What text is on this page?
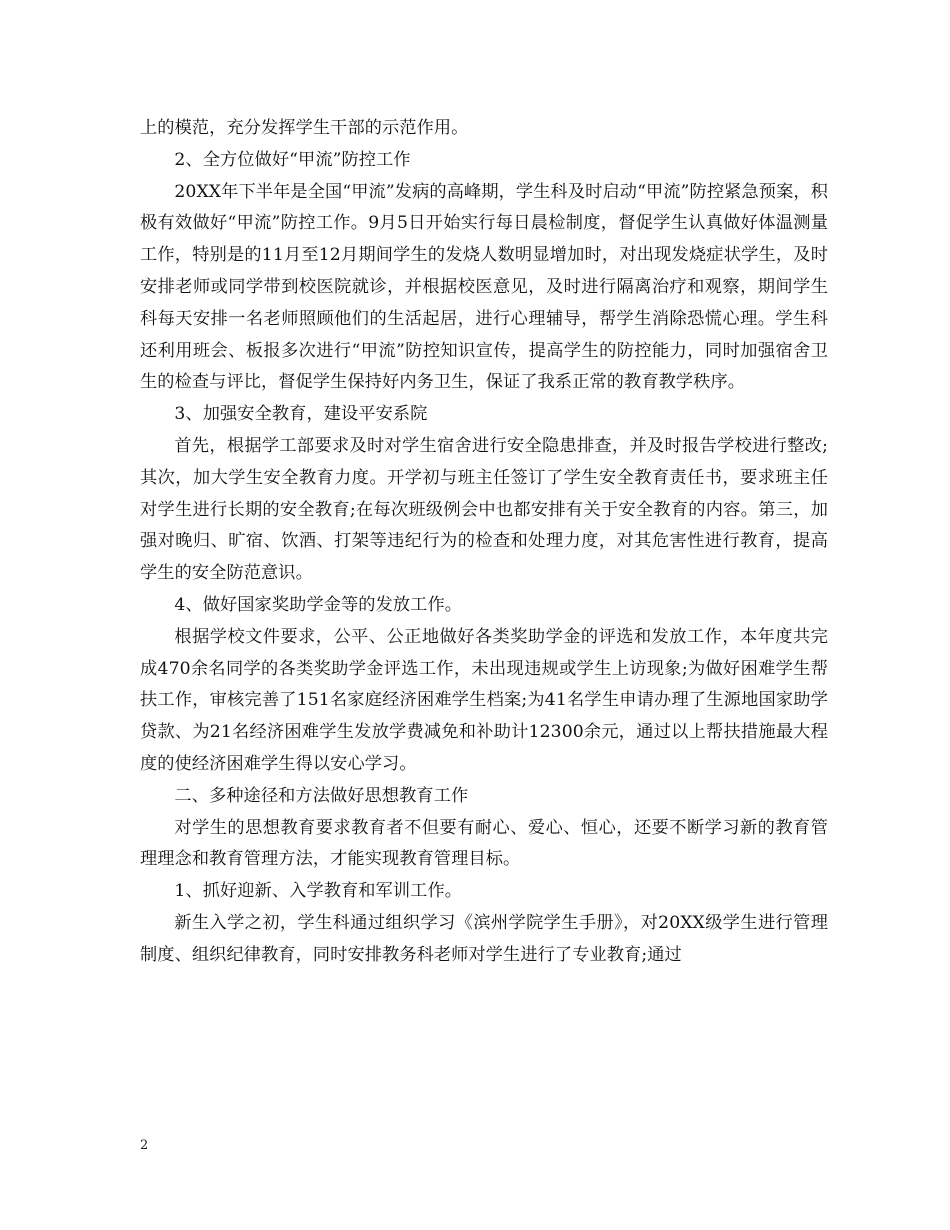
上的模范，充分发挥学生干部的示范作用。

2、全方位做好“甲流”防控工作

20XX年下半年是全国“甲流”发病的高峰期，学生科及时启动“甲流”防控紧急预案，积极有效做好“甲流”防控工作。9月5日开始实行每日晨检制度，督促学生认真做好体温测量工作，特别是的11月至12月期间学生的发烧人数明显增加时，对出现发烧症状学生，及时安排老师或同学带到校医院就诊，并根据校医意见，及时进行隔离治疗和观察，期间学生科每天安排一名老师照顾他们的生活起居，进行心理辅导，帮学生消除恐慌心理。学生科还利用班会、板报多次进行“甲流”防控知识宣传，提高学生的防控能力，同时加强宿舍卫生的检查与评比，督促学生保持好内务卫生，保证了我系正常的教育教学秩序。

3、加强安全教育，建设平安系院

首先，根据学工部要求及时对学生宿舍进行安全隐患排查，并及时报告学校进行整改;其次，加大学生安全教育力度。开学初与班主任签订了学生安全教育责任书，要求班主任对学生进行长期的安全教育;在每次班级例会中也都安排有关于安全教育的内容。第三，加强对晚归、旷宿、饮酒、打架等违纪行为的检查和处理力度，对其危害性进行教育，提高学生的安全防范意识。

4、做好国家奖助学金等的发放工作。

根据学校文件要求，公平、公正地做好各类奖助学金的评选和发放工作，本年度共完成470余名同学的各类奖助学金评选工作，未出现违规或学生上访现象;为做好困难学生帮扶工作，审核完善了151名家庭经济困难学生档案;为41名学生申请办理了生源地国家助学贷款、为21名经济困难学生发放学费减免和补助计12300余元，通过以上帮扶措施最大程度的使经济困难学生得以安心学习。

二、多种途径和方法做好思想教育工作

对学生的思想教育要求教育者不但要有耐心、爱心、恒心，还要不断学习新的教育管理理念和教育管理方法，才能实现教育管理目标。

1、抓好迎新、入学教育和军训工作。

新生入学之初，学生科通过组织学习《滨州学院学生手册》，对20XX级学生进行管理制度、组织纪律教育，同时安排教务科老师对学生进行了专业教育;通过

2
